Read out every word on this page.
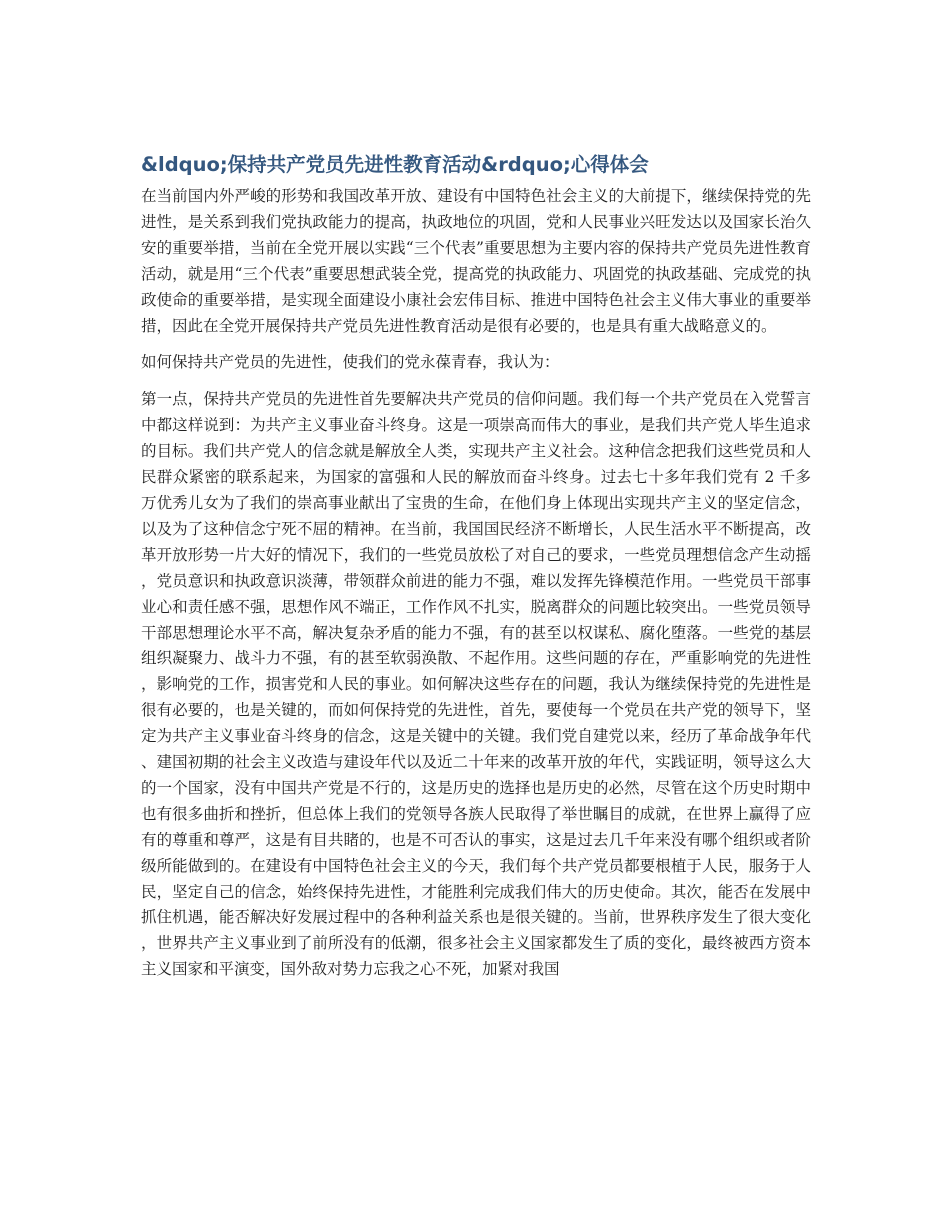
&ldquo;保持共产党员先进性教育活动&rdquo;心得体会

在当前国内外严峻的形势和我国改革开放、建设有中国特色社会主义的大前提下，继续保持党的先进性，是关系到我们党执政能力的提高，执政地位的巩固，党和人民事业兴旺发达以及国家长治久安的重要举措，当前在全党开展以实践“三个代表”重要思想为主要内容的保持共产党员先进性教育活动，就是用“三个代表”重要思想武装全党，提高党的执政能力、巩固党的执政基础、完成党的执政使命的重要举措，是实现全面建设小康社会宏伟目标、推进中国特色社会主义伟大事业的重要举措，因此在全党开展保持共产党员先进性教育活动是很有必要的，也是具有重大战略意义的。

如何保持共产党员的先进性，使我们的党永葆青春，我认为：

第一点，保持共产党员的先进性首先要解决共产党员的信仰问题。我们每一个共产党员在入党誓言中都这样说到：为共产主义事业奋斗终身。这是一项崇高而伟大的事业，是我们共产党人毕生追求的目标。我们共产党人的信念就是解放全人类，实现共产主义社会。这种信念把我们这些党员和人民群众紧密的联系起来，为国家的富强和人民的解放而奋斗终身。过去七十多年我们党有 2 千多万优秀儿女为了我们的崇高事业献出了宝贵的生命，在他们身上体现出实现共产主义的坚定信念，以及为了这种信念宁死不屈的精神。在当前，我国国民经济不断增长，人民生活水平不断提高，改革开放形势一片大好的情况下，我们的一些党员放松了对自己的要求，一些党员理想信念产生动摇，党员意识和执政意识淡薄，带领群众前进的能力不强，难以发挥先锋模范作用。一些党员干部事业心和责任感不强，思想作风不端正，工作作风不扎实，脱离群众的问题比较突出。一些党员领导干部思想理论水平不高，解决复杂矛盾的能力不强，有的甚至以权谋私、腐化堕落。一些党的基层组织凝聚力、战斗力不强，有的甚至软弱涣散、不起作用。这些问题的存在，严重影响党的先进性，影响党的工作，损害党和人民的事业。如何解决这些存在的问题，我认为继续保持党的先进性是很有必要的，也是关键的，而如何保持党的先进性，首先，要使每一个党员在共产党的领导下，坚定为共产主义事业奋斗终身的信念，这是关键中的关键。我们党自建党以来，经历了革命战争年代、建国初期的社会主义改造与建设年代以及近二十年来的改革开放的年代，实践证明，领导这么大的一个国家，没有中国共产党是不行的，这是历史的选择也是历史的必然，尽管在这个历史时期中也有很多曲折和挫折，但总体上我们的党领导各族人民取得了举世瞩目的成就，在世界上赢得了应有的尊重和尊严，这是有目共睹的，也是不可否认的事实，这是过去几千年来没有哪个组织或者阶级所能做到的。在建设有中国特色社会主义的今天，我们每个共产党员都要根植于人民，服务于人民，坚定自己的信念，始终保持先进性，才能胜利完成我们伟大的历史使命。其次，能否在发展中抓住机遇，能否解决好发展过程中的各种利益关系也是很关键的。当前，世界秩序发生了很大变化，世界共产主义事业到了前所没有的低潮，很多社会主义国家都发生了质的变化，最终被西方资本主义国家和平演变，国外敌对势力忘我之心不死，加紧对我国
